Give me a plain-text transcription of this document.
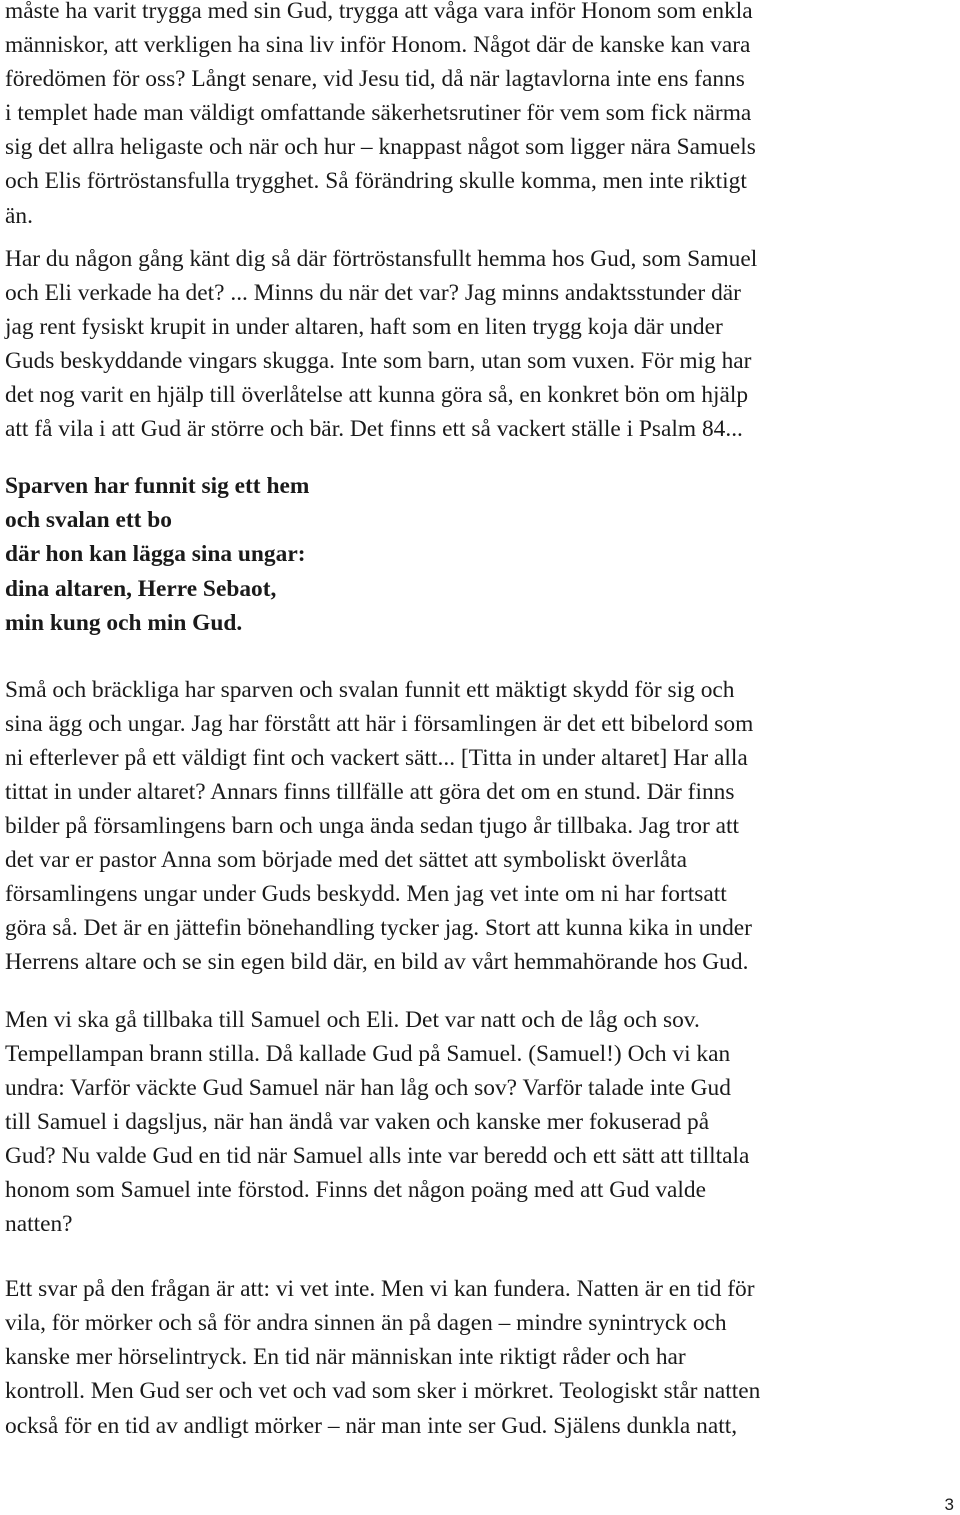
måste ha varit trygga med sin Gud, trygga att våga vara inför Honom som enkla
människor, att verkligen ha sina liv inför Honom. Något där de kanske kan vara
föredömen för oss? Långt senare, vid Jesu tid, då när lagtavlorna inte ens fanns
i templet hade man väldigt omfattande säkerhetsrutiner för vem som fick närma
sig det allra heligaste och när och hur – knappast något som ligger nära Samuels
och Elis förtröstansfulla trygghet. Så förändring skulle komma, men inte riktigt
än.
Har du någon gång känt dig så där förtröstansfullt hemma hos Gud, som Samuel
och Eli verkade ha det? ... Minns du när det var? Jag minns andaktsstunder där
jag rent fysiskt krupit in under altaren, haft som en liten trygg koja där under
Guds beskyddande vingars skugga. Inte som barn, utan som vuxen. För mig har
det nog varit en hjälp till överlåtelse att kunna göra så, en konkret bön om hjälp
att få vila i att Gud är större och bär. Det finns ett så vackert ställe i Psalm 84...
Sparven har funnit sig ett hem
och svalan ett bo
där hon kan lägga sina ungar:
dina altaren, Herre Sebaot,
min kung och min Gud.
Små och bräckliga har sparven och svalan funnit ett mäktigt skydd för sig och
sina ägg och ungar. Jag har förstått att här i församlingen är det ett bibelord som
ni efterlever på ett väldigt fint och vackert sätt... [Titta in under altaret] Har alla
tittat in under altaret? Annars finns tillfälle att göra det om en stund. Där finns
bilder på församlingens barn och unga ända sedan tjugo år tillbaka. Jag tror att
det var er pastor Anna som började med det sättet att symboliskt överlåta
församlingens ungar under Guds beskydd. Men jag vet inte om ni har fortsatt
göra så. Det är en jättefin bönehandling tycker jag. Stort att kunna kika in under
Herrens altare och se sin egen bild där, en bild av vårt hemmahörande hos Gud.
Men vi ska gå tillbaka till Samuel och Eli. Det var natt och de låg och sov.
Tempellampan brann stilla. Då kallade Gud på Samuel. (Samuel!) Och vi kan
undra: Varför väckte Gud Samuel när han låg och sov? Varför talade inte Gud
till Samuel i dagsljus, när han ändå var vaken och kanske mer fokuserad på
Gud? Nu valde Gud en tid när Samuel alls inte var beredd och ett sätt att tilltala
honom som Samuel inte förstod. Finns det någon poäng med att Gud valde
natten?
Ett svar på den frågan är att: vi vet inte. Men vi kan fundera. Natten är en tid för
vila, för mörker och så för andra sinnen än på dagen – mindre synintryck och
kanske mer hörselintryck. En tid när människan inte riktigt råder och har
kontroll. Men Gud ser och vet och vad som sker i mörkret. Teologiskt står natten
också för en tid av andligt mörker – när man inte ser Gud. Själens dunkla natt,
3
